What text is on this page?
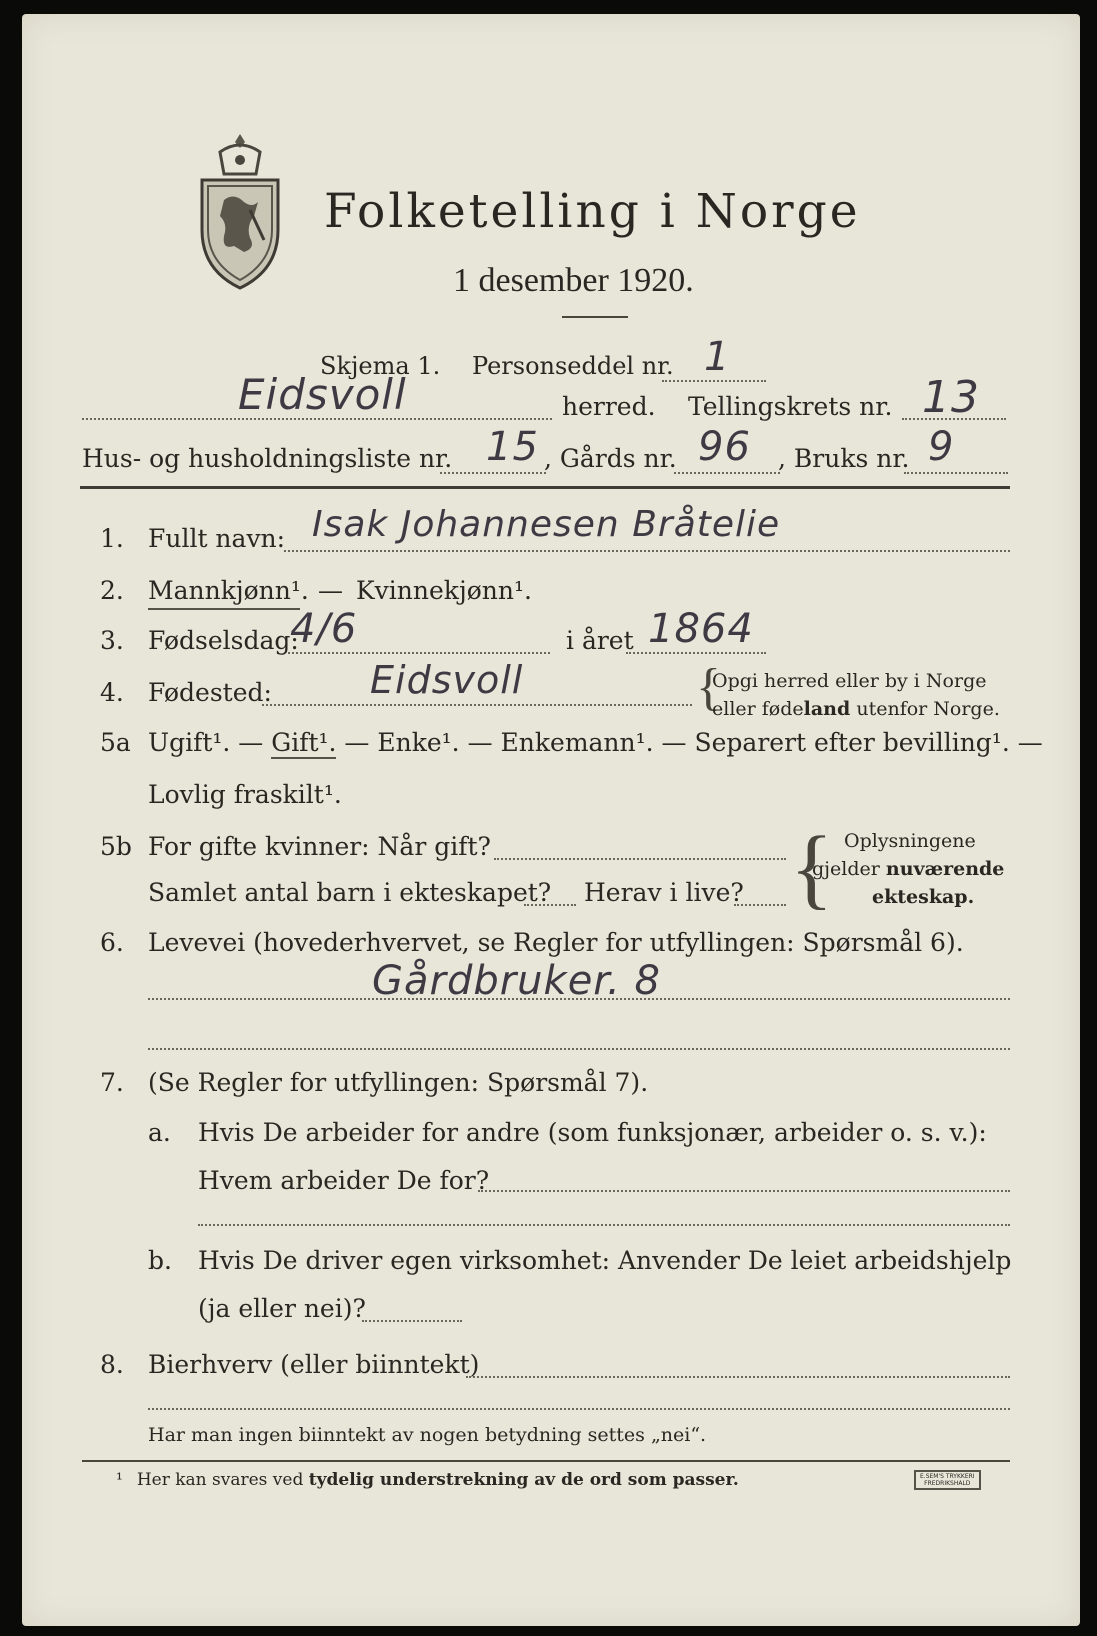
Folketelling i Norge
1 desember 1920.
Skjema 1. Personseddel nr. 1
Eidsvoll	herred. Tellingskrets nr. 13
Hus- og husholdningsliste nr. 15 , Gårds nr. 96 , Bruks nr. 9
1. Fullt navn: Isak Johannesen Bråtelie
2. Mannkjønn¹. — Kvinnekjønn¹.
3. Fødselsdag:
4/6	i året 1864
4. Fødested:	Eidsvoll	{
Opgi herred eller by i Norge
eller fødeland utenfor Norge.
5a Ugift¹. — Gift¹. — Enke¹. — Enkemann¹. — Separert efter bevilling¹. —
Lovlig fraskilt¹.
5b For gifte kvinner: Når gift?
Samlet antal barn i ekteskapet? Herav i live? { Oplysningene
gjelder nuværende
ekteskap.
6. Levevei (hovederhvervet, se Regler for utfyllingen: Spørsmål 6).
Gårdbruker. 8
7. (Se Regler for utfyllingen: Spørsmål 7).
a. Hvis De arbeider for andre (som funksjonær, arbeider o. s. v.):
Hvem arbeider De for?
b. Hvis De driver egen virksomhet: Anvender De leiet arbeidshjelp
(ja eller nei)?
8. Bierhverv (eller biinntekt)
Har man ingen biinntekt av nogen betydning settes „nei“.
¹ Her kan svares ved tydelig understrekning av de ord som passer.	E.SEM'S TRYKKERI
FREDRIKSHALD
